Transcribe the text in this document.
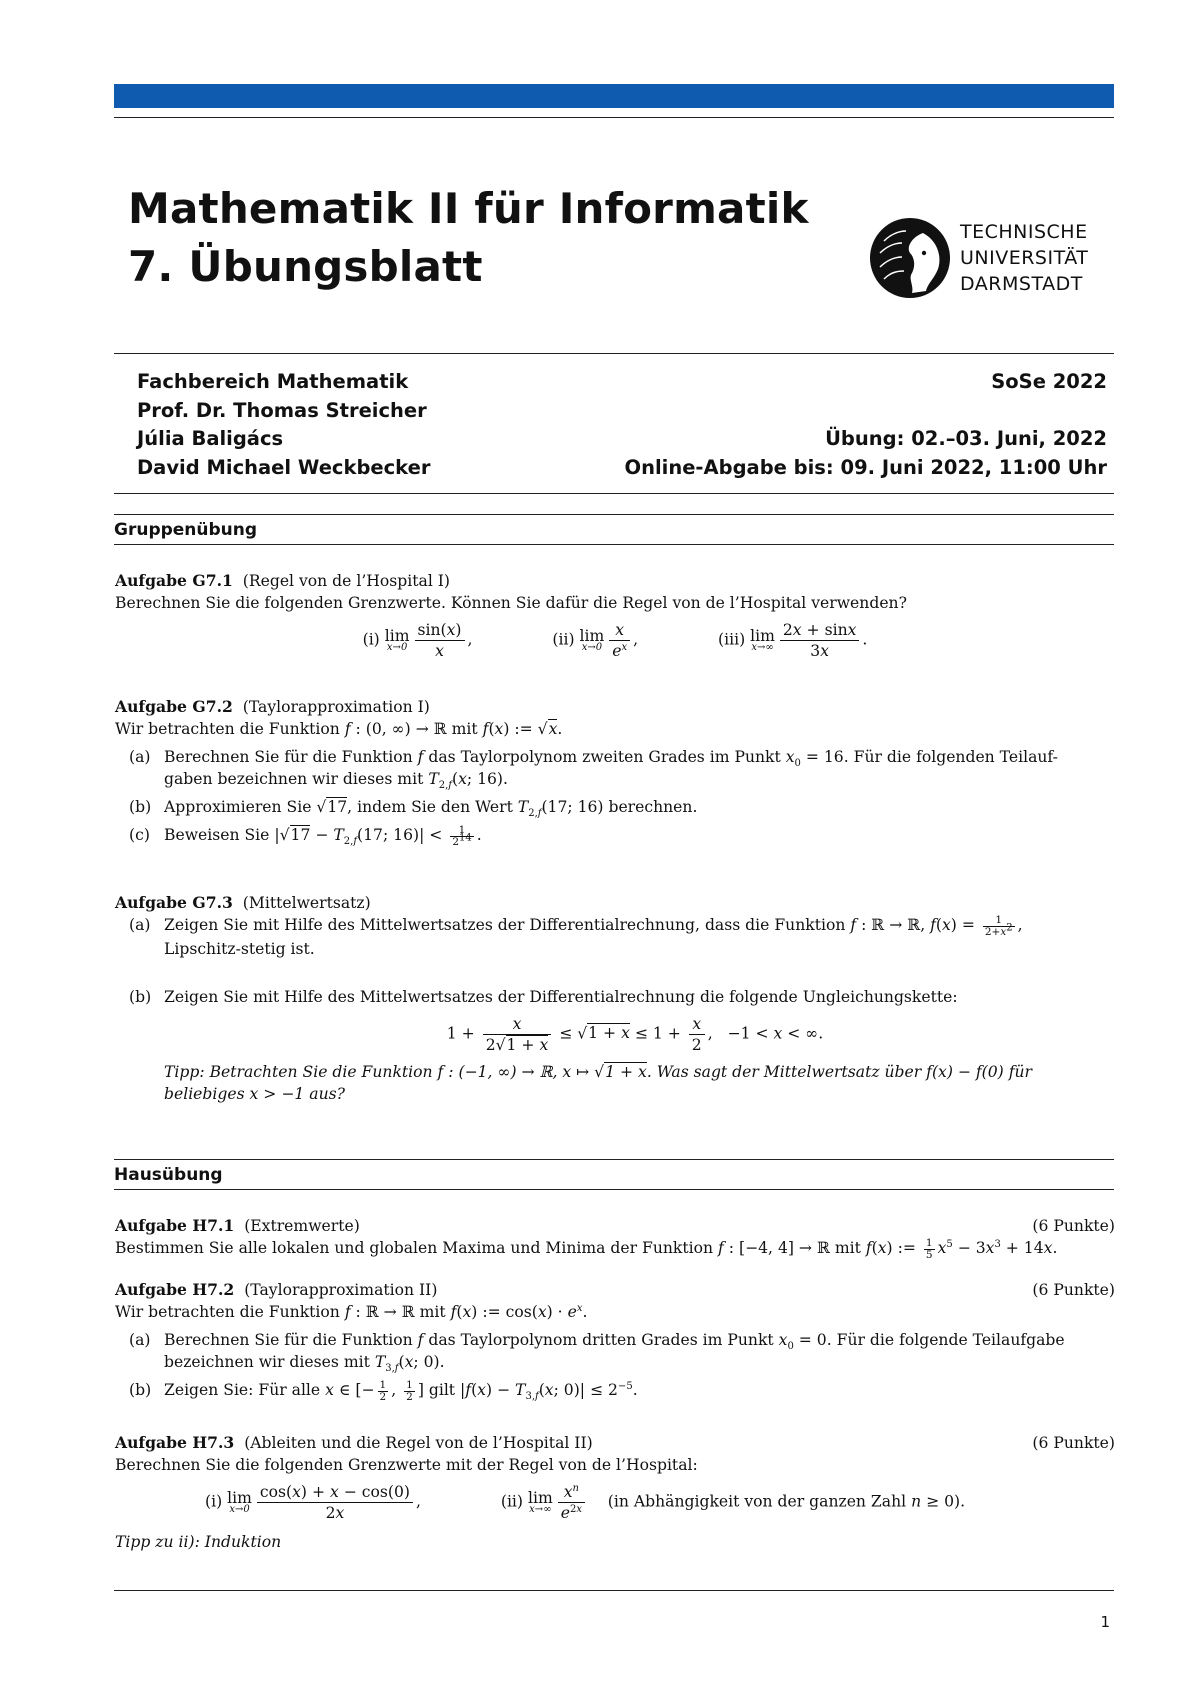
Mathematik II für Informatik
7. Übungsblatt
TECHNISCHE
UNIVERSITÄT
DARMSTADT
Fachbereich Mathematik
Prof. Dr. Thomas Streicher
Júlia Baligács
David Michael Weckbecker
SoSe 2022

Übung: 02.–03. Juni, 2022
Online-Abgabe bis: 09. Juni 2022, 11:00 Uhr
Gruppenübung
Aufgabe G7.1 (Regel von de l’Hospital I)
Berechnen Sie die folgenden Grenzwerte. Können Sie dafür die Regel von de l’Hospital verwenden?
(i) lim
$x\to 0 \frac{\sin(x)}{x}$ ,	(ii) lim
$x\to 0 \frac{x}{e^x}$ ,	(iii) lim
$x\to\infty \frac{2x + \sin x}{3x}$ .
Aufgabe G7.2 (Taylorapproximation I)
Wir betrachten die Funktion f : (0, ∞) → ℝ mit f(x) := √x.
(a) Berechnen Sie für die Funktion f das Taylorpolynom zweiten Grades im Punkt $x_0 = 16$. Für die folgenden Teilauf-
gaben bezeichnen wir dieses mit $T_{2,f}(x$; 16).
(b) Approximieren Sie √17, indem Sie den Wert $T_{2,f}(17$; 16) berechnen.
(c) Beweisen Sie $|√17 - T_{2,f}(17$; $16)| < \frac{1}{2^{14}}$ .
Aufgabe G7.3 (Mittelwertsatz)
(a) Zeigen Sie mit Hilfe des Mittelwertsatzes der Differentialrechnung, dass die Funktion f : ℝ → ℝ, $f(x) = \frac{1}{2+x^2}$ ,
Lipschitz-stetig ist.
(b) Zeigen Sie mit Hilfe des Mittelwertsatzes der Differentialrechnung die folgende Ungleichungskette:
$1 + \frac{x}{2√1 + x} \le √1 + x \le 1 + \frac{x}{2}$ ,   −1 < x < ∞.
Tipp: Betrachten Sie die Funktion f : (−1, ∞) → ℝ, x ↦ √1 + x. Was sagt der Mittelwertsatz über f(x) − f(0) für
beliebiges x > −1 aus?
Hausübung
Aufgabe H7.1 (Extremwerte)	(6 Punkte)
Bestimmen Sie alle lokalen und globalen Maxima und Minima der Funktion f : [−4, 4] → ℝ mit f(x) := $\frac{1}{5} x^5 - 3x^3 + 14x$.
Aufgabe H7.2 (Taylorapproximation II)	(6 Punkte)
Wir betrachten die Funktion f : ℝ → ℝ mit f(x) := $\cos(x) \cdot e^x$.
(a) Berechnen Sie für die Funktion f das Taylorpolynom dritten Grades im Punkt $x_0 = 0$. Für die folgende Teilaufgabe
bezeichnen wir dieses mit $T_{3,f}(x$; 0).
(b) Zeigen Sie: Für alle x ∈ [− $\frac{1}{2}$ , $\frac{1}{2}$ ] gilt $|f(x) - T_{3,f}(x$; $0)| \le 2^{-5}$.
Aufgabe H7.3 (Ableiten und die Regel von de l’Hospital II)	(6 Punkte)
Berechnen Sie die folgenden Grenzwerte mit der Regel von de l’Hospital:
(i) lim
$x\to 0 \frac{\cos(x) + x - \cos(0)}{2x}$ ,	(ii) lim
$x\to\infty \frac{x^n}{e^{2x}} (in$ Abhängigkeit von der ganzen Zahl n ≥ 0).
Tipp zu ii): Induktion
1
